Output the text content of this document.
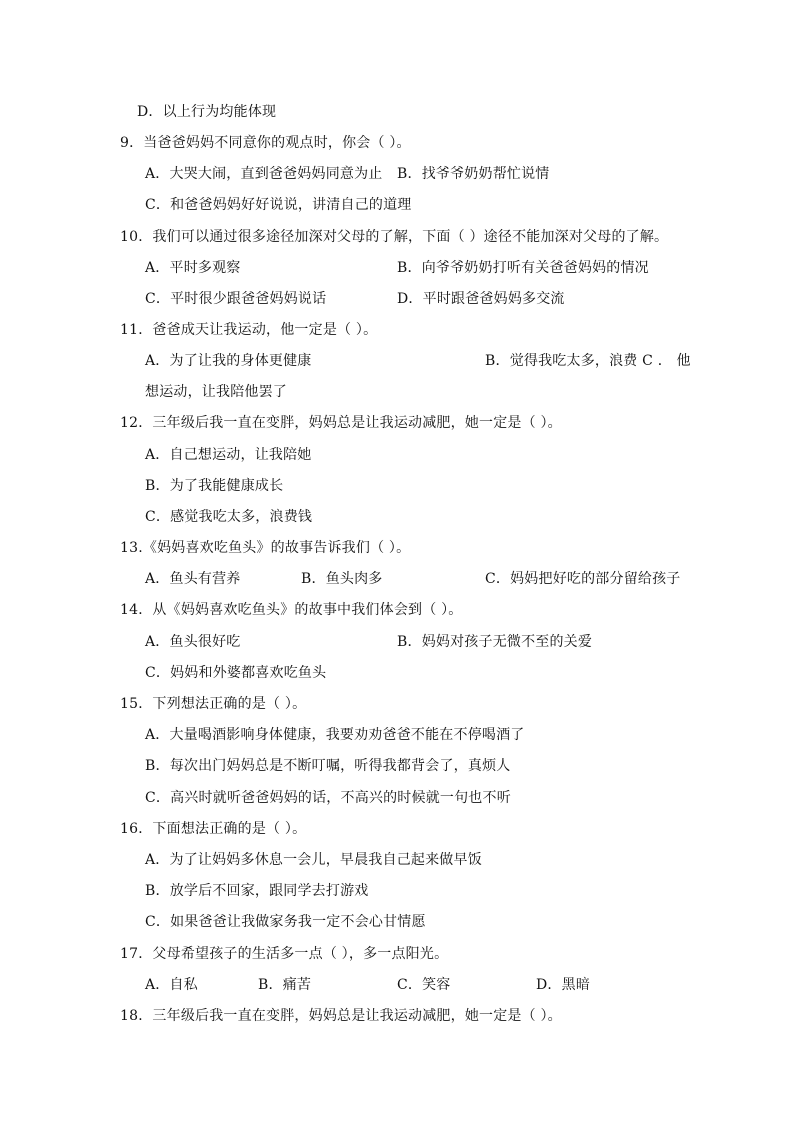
D．以上行为均能体现
9．当爸爸妈妈不同意你的观点时，你会（ ）。
A．大哭大闹，直到爸爸妈妈同意为止 B．找爷爷奶奶帮忙说情
C．和爸爸妈妈好好说说，讲清自己的道理
10．我们可以通过很多途径加深对父母的了解，下面（ ）途径不能加深对父母的了解。
A．平时多观察	B．向爷爷奶奶打听有关爸爸妈妈的情况
C．平时很少跟爸爸妈妈说话	D．平时跟爸爸妈妈多交流
11．爸爸成天让我运动，他一定是（ ）。
A．为了让我的身体更健康	B．觉得我吃太多，浪费 C ． 他
想运动，让我陪他罢了
12．三年级后我一直在变胖，妈妈总是让我运动减肥，她一定是（ ）。
A．自己想运动，让我陪她
B．为了我能健康成长
C．感觉我吃太多，浪费钱
13.《妈妈喜欢吃鱼头》的故事告诉我们（ ）。
A．鱼头有营养	B．鱼头肉多	C．妈妈把好吃的部分留给孩子
14．从《妈妈喜欢吃鱼头》的故事中我们体会到（ ）。
A．鱼头很好吃	B．妈妈对孩子无微不至的关爱
C．妈妈和外婆都喜欢吃鱼头
15．下列想法正确的是（ ）。
A．大量喝酒影响身体健康，我要劝劝爸爸不能在不停喝酒了
B．每次出门妈妈总是不断叮嘱，听得我都背会了，真烦人
C．高兴时就听爸爸妈妈的话，不高兴的时候就一句也不听
16．下面想法正确的是（ ）。
A．为了让妈妈多休息一会儿，早晨我自己起来做早饭
B．放学后不回家，跟同学去打游戏
C．如果爸爸让我做家务我一定不会心甘情愿
17．父母希望孩子的生活多一点（ ），多一点阳光。
A．自私	B．痛苦	C．笑容	D．黑暗
18．三年级后我一直在变胖，妈妈总是让我运动减肥，她一定是（ ）。
